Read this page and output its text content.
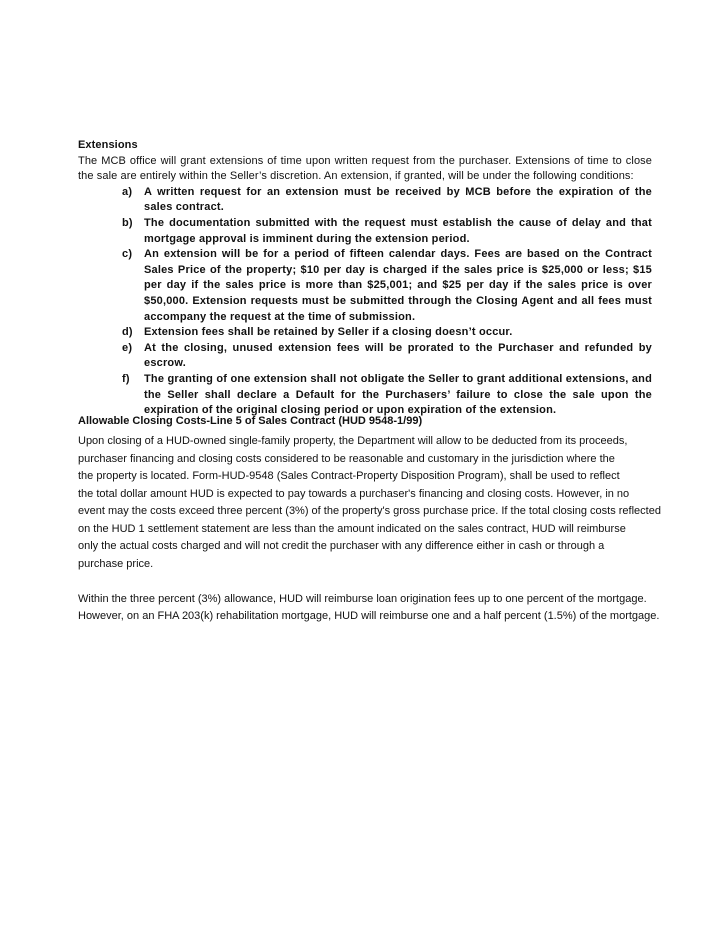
Extensions

The MCB office will grant extensions of time upon written request from the purchaser. Extensions of time to close the sale are entirely within the Seller’s discretion. An extension, if granted, will be under the following conditions:

a) A written request for an extension must be received by MCB before the expiration of the sales contract.
b) The documentation submitted with the request must establish the cause of delay and that mortgage approval is imminent during the extension period.
c) An extension will be for a period of fifteen calendar days. Fees are based on the Contract Sales Price of the property; $10 per day is charged if the sales price is $25,000 or less; $15 per day if the sales price is more than $25,001; and $25 per day if the sales price is over $50,000. Extension requests must be submitted through the Closing Agent and all fees must accompany the request at the time of submission.
d) Extension fees shall be retained by Seller if a closing doesn’t occur.
e) At the closing, unused extension fees will be prorated to the Purchaser and refunded by escrow.
f) The granting of one extension shall not obligate the Seller to grant additional extensions, and the Seller shall declare a Default for the Purchasers’ failure to close the sale upon the expiration of the original closing period or upon expiration of the extension.

Allowable Closing Costs-Line 5 of Sales Contract (HUD 9548-1/99)

Upon closing of a HUD-owned single-family property, the Department will allow to be deducted from its proceeds,

purchaser financing and closing costs considered to be reasonable and customary in the jurisdiction where the

the property is located. Form-HUD-9548 (Sales Contract-Property Disposition Program), shall be used to reflect

the total dollar amount HUD is expected to pay towards a purchaser's financing and closing costs. However, in no

event may the costs exceed three percent (3%) of the property's gross purchase price. If the total closing costs reflected

on the HUD 1 settlement statement are less than the amount indicated on the sales contract, HUD will reimburse

only the actual costs charged and will not credit the purchaser with any difference either in cash or through a

purchase price.

Within the three percent (3%) allowance, HUD will reimburse loan origination fees up to one percent of the mortgage.

However, on an FHA 203(k) rehabilitation mortgage, HUD will reimburse one and a half percent (1.5%) of the mortgage.
